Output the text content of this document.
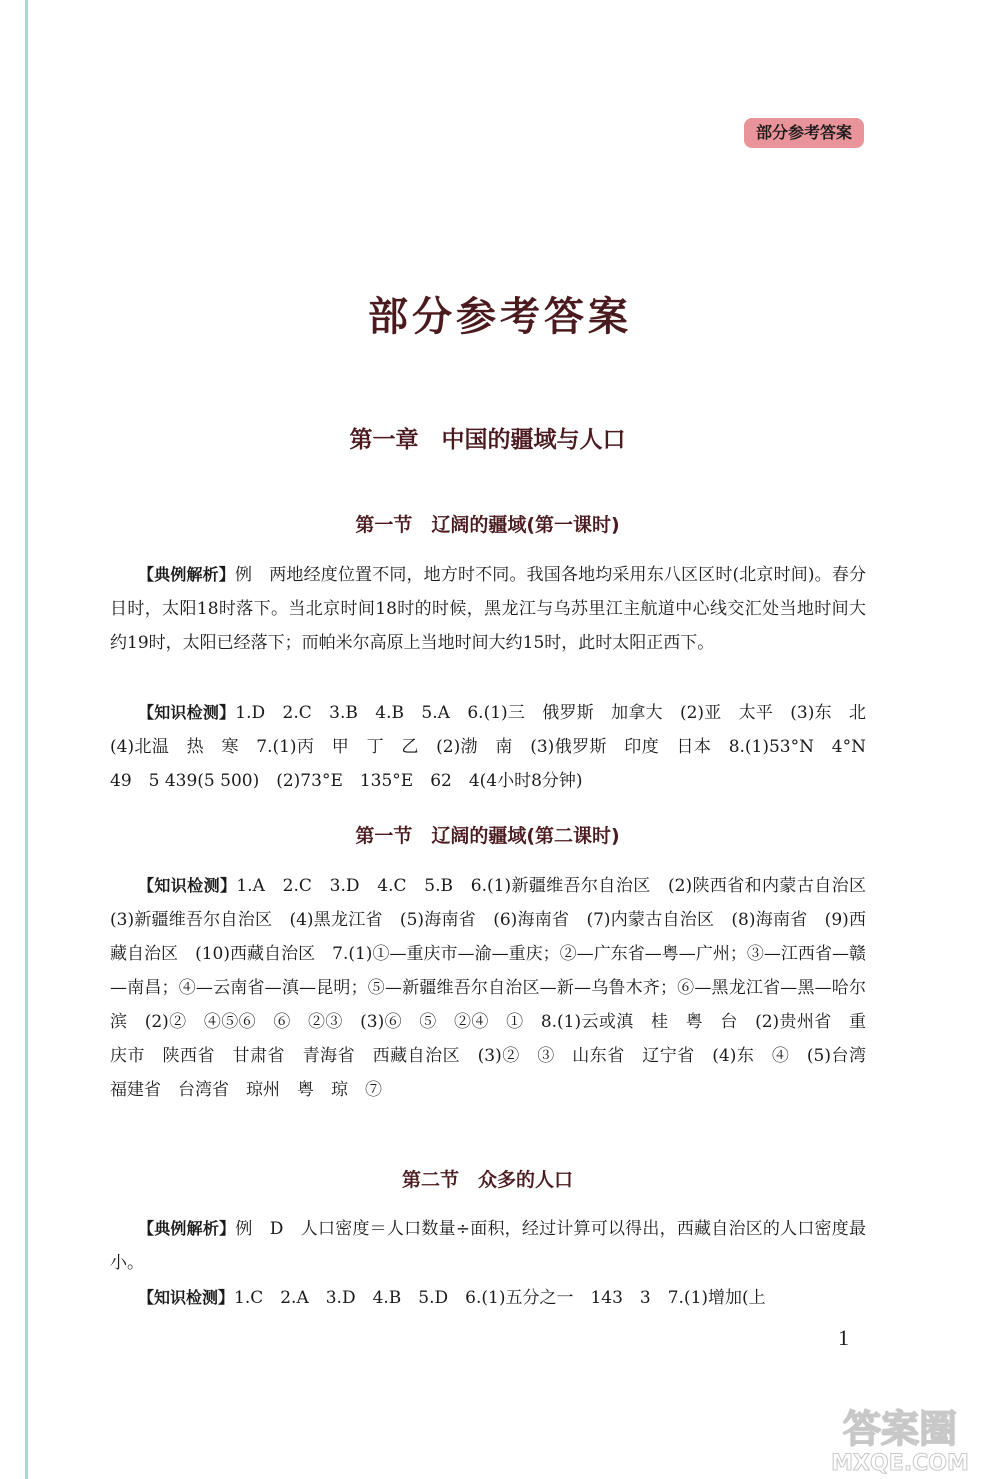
部分参考答案
部分参考答案
第一章　中国的疆域与人口
第一节　辽阔的疆域(第一课时)

【典例解析】例　两地经度位置不同，地方时不同。我国各地均采用东八区区时(北京时间)。春分日时，太阳18时落下。当北京时间18时的时候，黑龙江与乌苏里江主航道中心线交汇处当地时间大约19时，太阳已经落下；而帕米尔高原上当地时间大约15时，此时太阳正西下。

【知识检测】1.D　2.C　3.B　4.B　5.A　6.(1)三　俄罗斯　加拿大　(2)亚　太平　(3)东　北　(4)北温　热　寒　7.(1)丙　甲　丁　乙　(2)渤　南　(3)俄罗斯　印度　日本　8.(1)53°N　4°N　49　5 439(5 500)　(2)73°E　135°E　62　4(4小时8分钟)

第一节　辽阔的疆域(第二课时)

【知识检测】1.A　2.C　3.D　4.C　5.B　6.(1)新疆维吾尔自治区　(2)陕西省和内蒙古自治区　(3)新疆维吾尔自治区　(4)黑龙江省　(5)海南省　(6)海南省　(7)内蒙古自治区　(8)海南省　(9)西藏自治区　(10)西藏自治区　7.(1)①—重庆市—渝—重庆；②—广东省—粤—广州；③—江西省—赣—南昌；④—云南省—滇—昆明；⑤—新疆维吾尔自治区—新—乌鲁木齐；⑥—黑龙江省—黑—哈尔滨　(2)②　④⑤⑥　⑥　②③　(3)⑥　⑤　②④　①　8.(1)云或滇　桂　粤　台　(2)贵州省　重庆市　陕西省　甘肃省　青海省　西藏自治区　(3)②　③　山东省　辽宁省　(4)东　④　(5)台湾　福建省　台湾省　琼州　粤　琼　⑦

第二节　众多的人口

【典例解析】例　D　人口密度＝人口数量÷面积，经过计算可以得出，西藏自治区的人口密度最小。

【知识检测】1.C　2.A　3.D　4.B　5.D　6.(1)五分之一　143　3　7.(1)增加(上

1
答案圈
MXQE.COM
